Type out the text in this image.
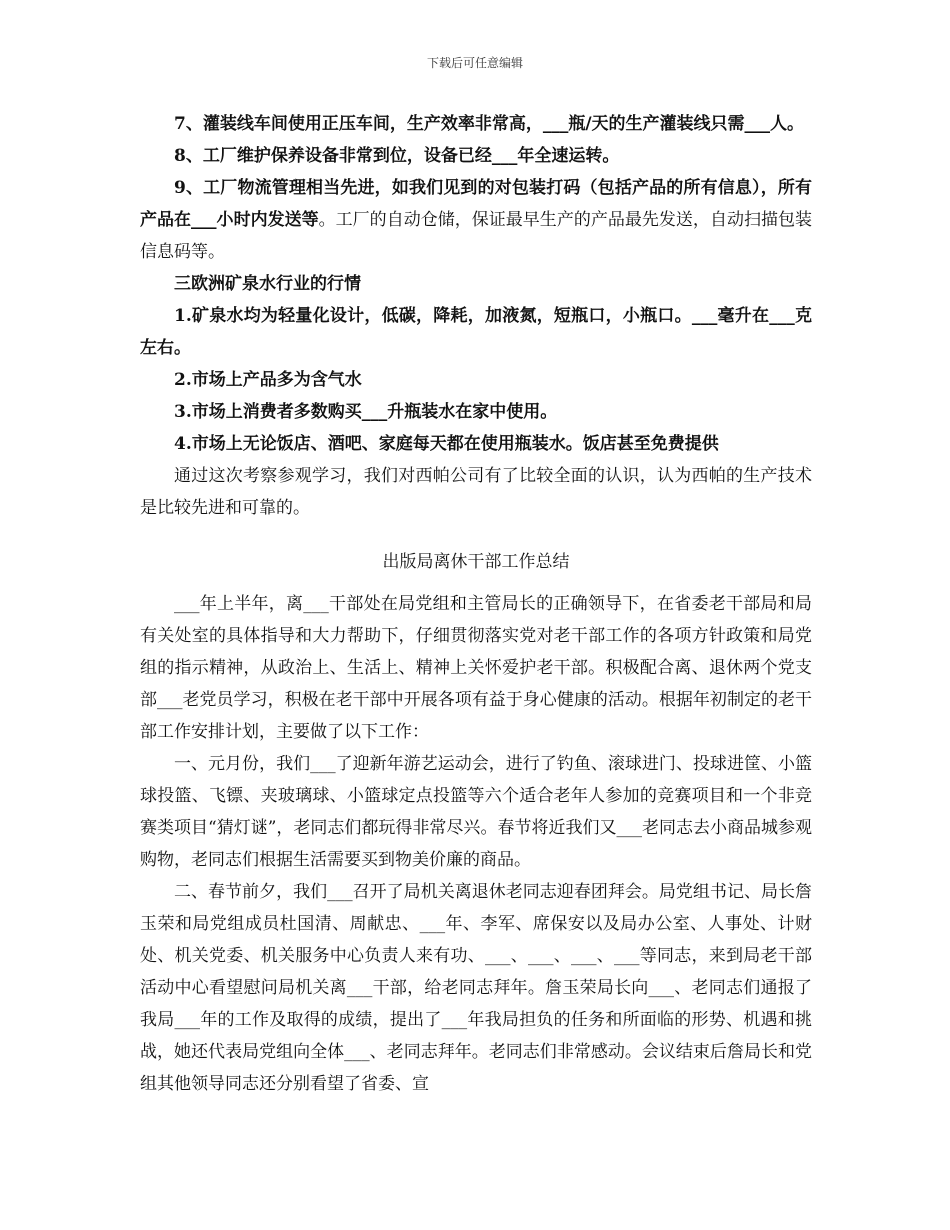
下载后可任意编辑

7、灌装线车间使用正压车间，生产效率非常高，___瓶/天的生产灌装线只需___人。

8、工厂维护保养设备非常到位，设备已经___年全速运转。

9、工厂物流管理相当先进，如我们见到的对包装打码（包括产品的所有信息），所有产品在___小时内发送等。工厂的自动仓储，保证最早生产的产品最先发送，自动扫描包装信息码等。

三欧洲矿泉水行业的行情

1.矿泉水均为轻量化设计，低碳，降耗，加液氮，短瓶口，小瓶口。___毫升在___克左右。

2.市场上产品多为含气水

3.市场上消费者多数购买___升瓶装水在家中使用。

4.市场上无论饭店、酒吧、家庭每天都在使用瓶装水。饭店甚至免费提供

通过这次考察参观学习，我们对西帕公司有了比较全面的认识，认为西帕的生产技术是比较先进和可靠的。

出版局离休干部工作总结

___年上半年，离___干部处在局党组和主管局长的正确领导下，在省委老干部局和局有关处室的具体指导和大力帮助下，仔细贯彻落实党对老干部工作的各项方针政策和局党组的指示精神，从政治上、生活上、精神上关怀爱护老干部。积极配合离、退休两个党支部___老党员学习，积极在老干部中开展各项有益于身心健康的活动。根据年初制定的老干部工作安排计划，主要做了以下工作：

一、元月份，我们___了迎新年游艺运动会，进行了钓鱼、滚球进门、投球进筐、小篮球投篮、飞镖、夹玻璃球、小篮球定点投篮等六个适合老年人参加的竞赛项目和一个非竞赛类项目“猜灯谜”，老同志们都玩得非常尽兴。春节将近我们又___老同志去小商品城参观购物，老同志们根据生活需要买到物美价廉的商品。

二、春节前夕，我们___召开了局机关离退休老同志迎春团拜会。局党组书记、局长詹玉荣和局党组成员杜国清、周献忠、___年、李军、席保安以及局办公室、人事处、计财处、机关党委、机关服务中心负责人来有功、___、___、___、___等同志，来到局老干部活动中心看望慰问局机关离___干部，给老同志拜年。詹玉荣局长向___、老同志们通报了我局___年的工作及取得的成绩，提出了___年我局担负的任务和所面临的形势、机遇和挑战，她还代表局党组向全体___、老同志拜年。老同志们非常感动。会议结束后詹局长和党组其他领导同志还分别看望了省委、宣
